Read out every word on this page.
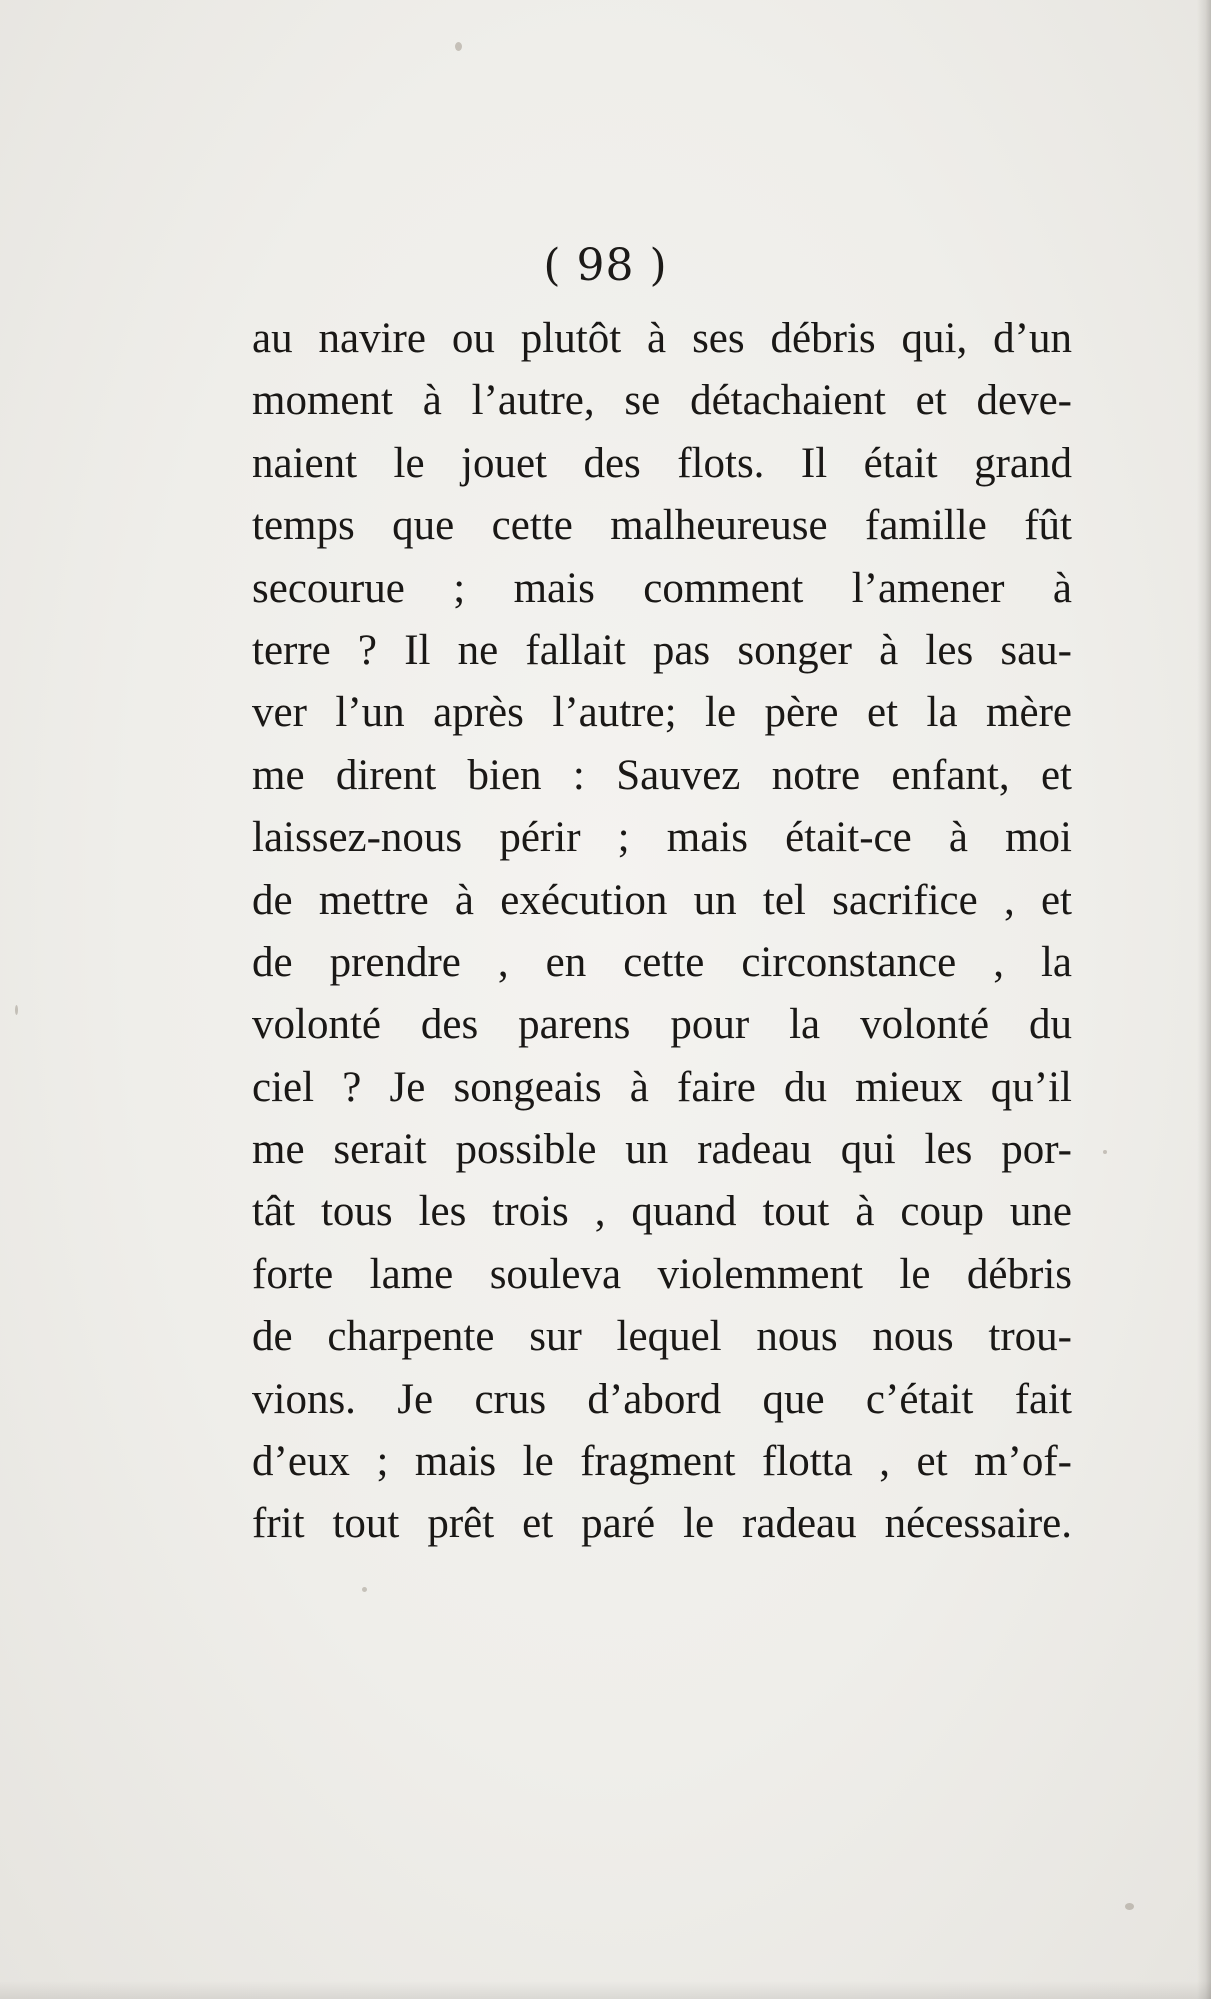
( 98 )
au navire ou plutôt à ses débris qui, d’un
moment à l’autre, se détachaient et deve-
naient le jouet des flots. Il était grand
temps que cette malheureuse famille fût
secourue ; mais comment l’amener à
terre ? Il ne fallait pas songer à les sau-
ver l’un après l’autre; le père et la mère
me dirent bien : Sauvez notre enfant, et
laissez-nous périr ; mais était-ce à moi
de mettre à exécution un tel sacrifice , et
de prendre , en cette circonstance , la
volonté des parens pour la volonté du
ciel ? Je songeais à faire du mieux qu’il
me serait possible un radeau qui les por-
tât tous les trois , quand tout à coup une
forte lame souleva violemment le débris
de charpente sur lequel nous nous trou-
vions. Je crus d’abord que c’était fait
d’eux ; mais le fragment flotta , et m’of-
frit tout prêt et paré le radeau nécessaire.
